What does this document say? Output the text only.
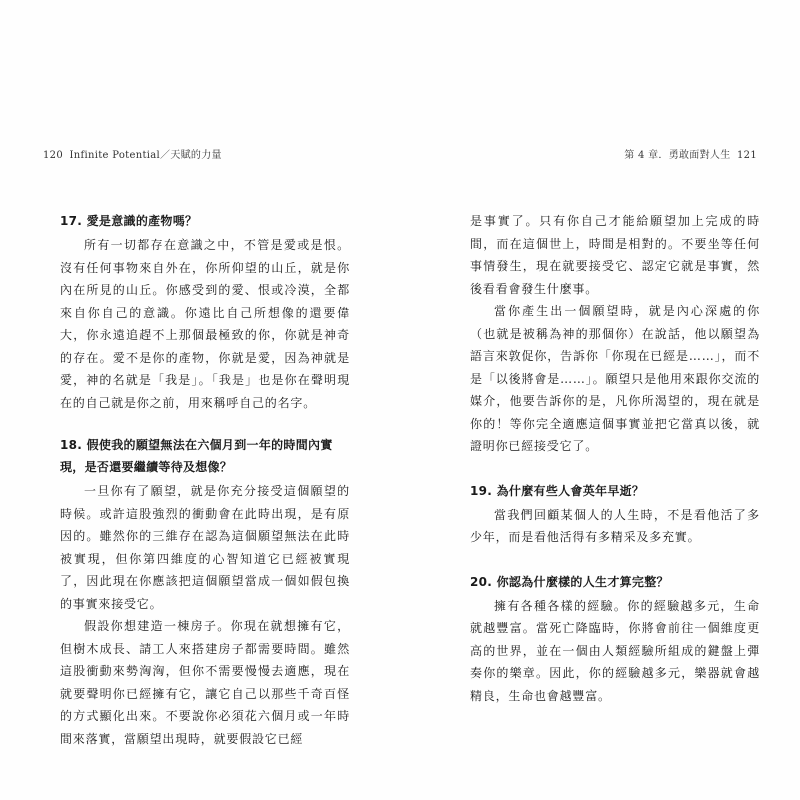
120 Infinite Potential／天賦的力量	第 4 章．勇敢面對人生 121
17. 愛是意識的產物嗎？

所有一切都存在意識之中，不管是愛或是恨。沒有任何事物來自外在，你所仰望的山丘，就是你內在所見的山丘。你感受到的愛、恨或冷漠，全都來自你自己的意識。你遠比自己所想像的還要偉大，你永遠追趕不上那個最極致的你，你就是神奇的存在。愛不是你的產物，你就是愛，因為神就是愛，神的名就是「我是」。「我是」也是你在聲明現在的自己就是你之前，用來稱呼自己的名字。

18. 假使我的願望無法在六個月到一年的時間內實現，是否還要繼續等待及想像？

一旦你有了願望，就是你充分接受這個願望的時候。或許這股強烈的衝動會在此時出現，是有原因的。雖然你的三維存在認為這個願望無法在此時被實現，但你第四維度的心智知道它已經被實現了，因此現在你應該把這個願望當成一個如假包換的事實來接受它。

假設你想建造一棟房子。你現在就想擁有它，但樹木成長、請工人來搭建房子都需要時間。雖然這股衝動來勢洶洶，但你不需要慢慢去適應，現在就要聲明你已經擁有它，讓它自己以那些千奇百怪的方式顯化出來。不要說你必須花六個月或一年時間來落實，當願望出現時，就要假設它已經

是事實了。只有你自己才能給願望加上完成的時間，而在這個世上，時間是相對的。不要坐等任何事情發生，現在就要接受它、認定它就是事實，然後看看會發生什麼事。

當你產生出一個願望時，就是內心深處的你（也就是被稱為神的那個你）在說話，他以願望為語言來敦促你，告訴你「你現在已經是……」，而不是「以後將會是……」。願望只是他用來跟你交流的媒介，他要告訴你的是，凡你所渴望的，現在就是你的！等你完全適應這個事實並把它當真以後，就證明你已經接受它了。

19. 為什麼有些人會英年早逝？

當我們回顧某個人的人生時，不是看他活了多少年，而是看他活得有多精采及多充實。

20. 你認為什麼樣的人生才算完整？

擁有各種各樣的經驗。你的經驗越多元，生命就越豐富。當死亡降臨時，你將會前往一個維度更高的世界，並在一個由人類經驗所組成的鍵盤上彈奏你的樂章。因此，你的經驗越多元，樂器就會越精良，生命也會越豐富。
